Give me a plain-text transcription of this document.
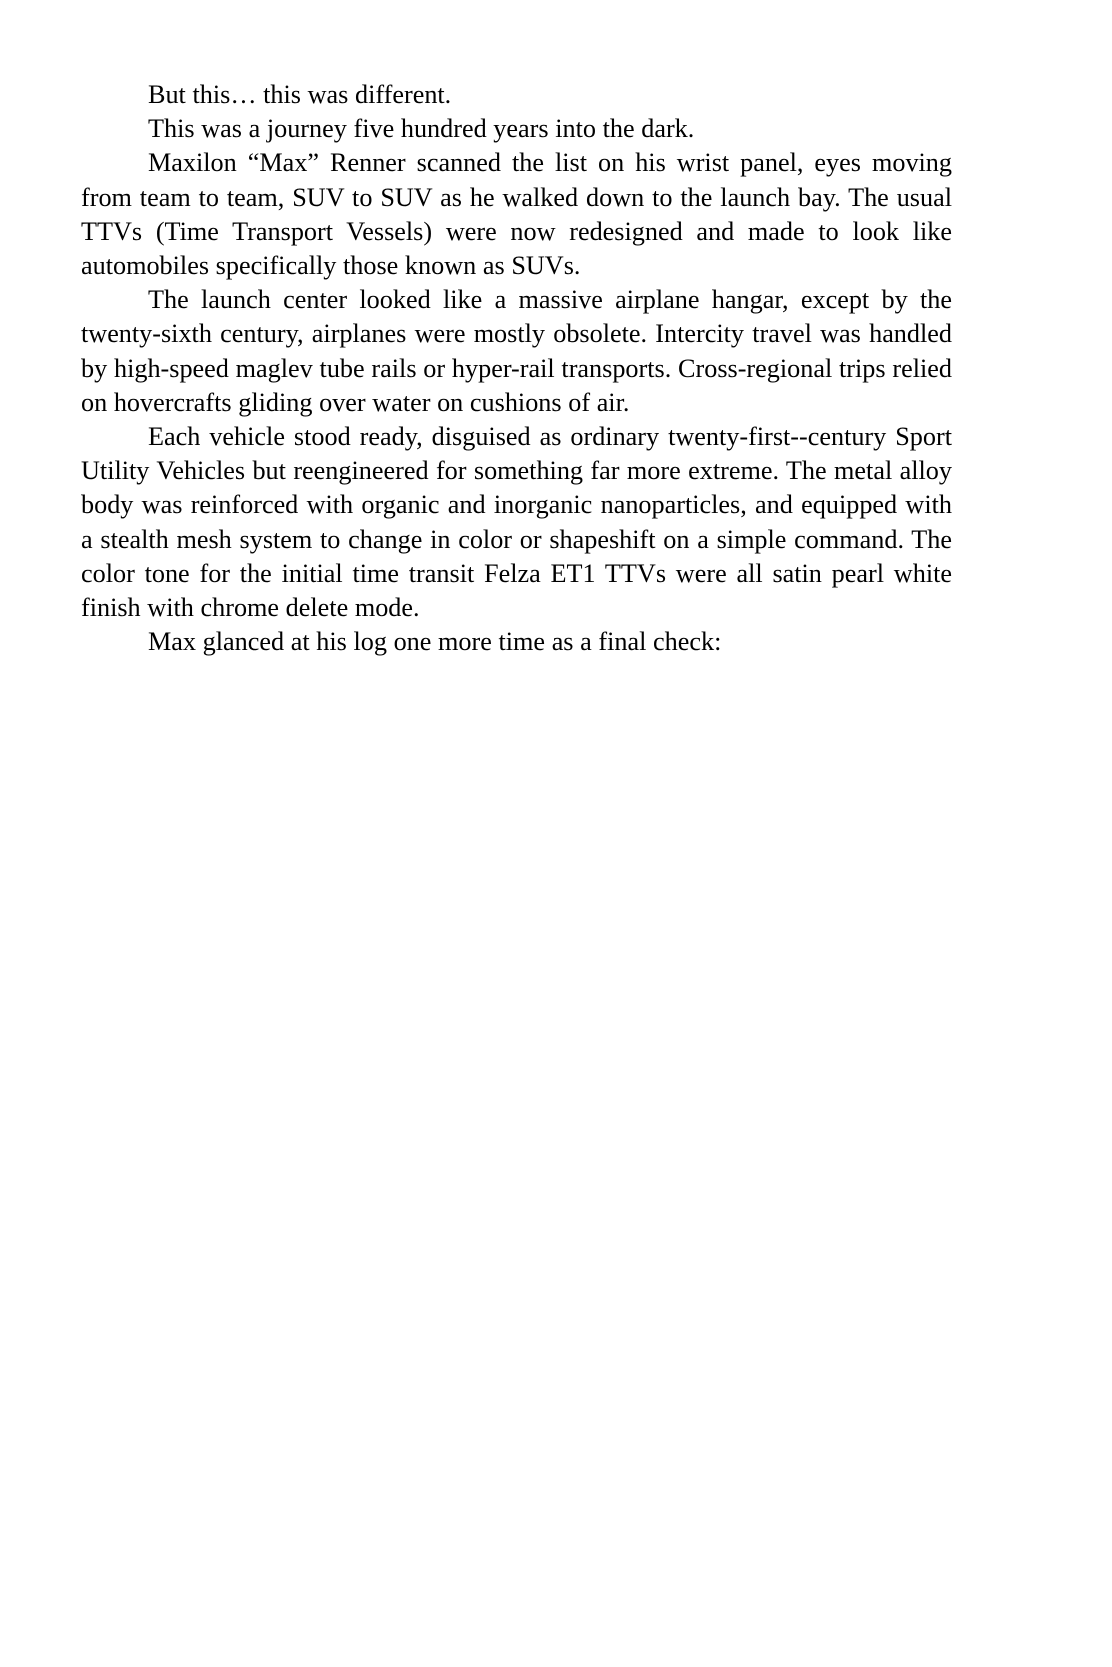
But this… this was different.

This was a journey five hundred years into the dark.

Maxilon “Max” Renner scanned the list on his wrist panel, eyes moving from team to team, SUV to SUV as he walked down to the launch bay. The usual TTVs (Time Transport Vessels) were now redesigned and made to look like automobiles specifically those known as SUVs.

The launch center looked like a massive airplane hangar, except by the twenty-sixth century, airplanes were mostly obsolete. Intercity travel was handled by high-speed maglev tube rails or hyper-rail transports. Cross-regional trips relied on hovercrafts gliding over water on cushions of air.

Each vehicle stood ready, disguised as ordinary twenty-first--century Sport Utility Vehicles but reengineered for something far more extreme. The metal alloy body was reinforced with organic and inorganic nanoparticles, and equipped with a stealth mesh system to change in color or shapeshift on a simple command. The color tone for the initial time transit Felza ET1 TTVs were all satin pearl white finish with chrome delete mode.

Max glanced at his log one more time as a final check:
